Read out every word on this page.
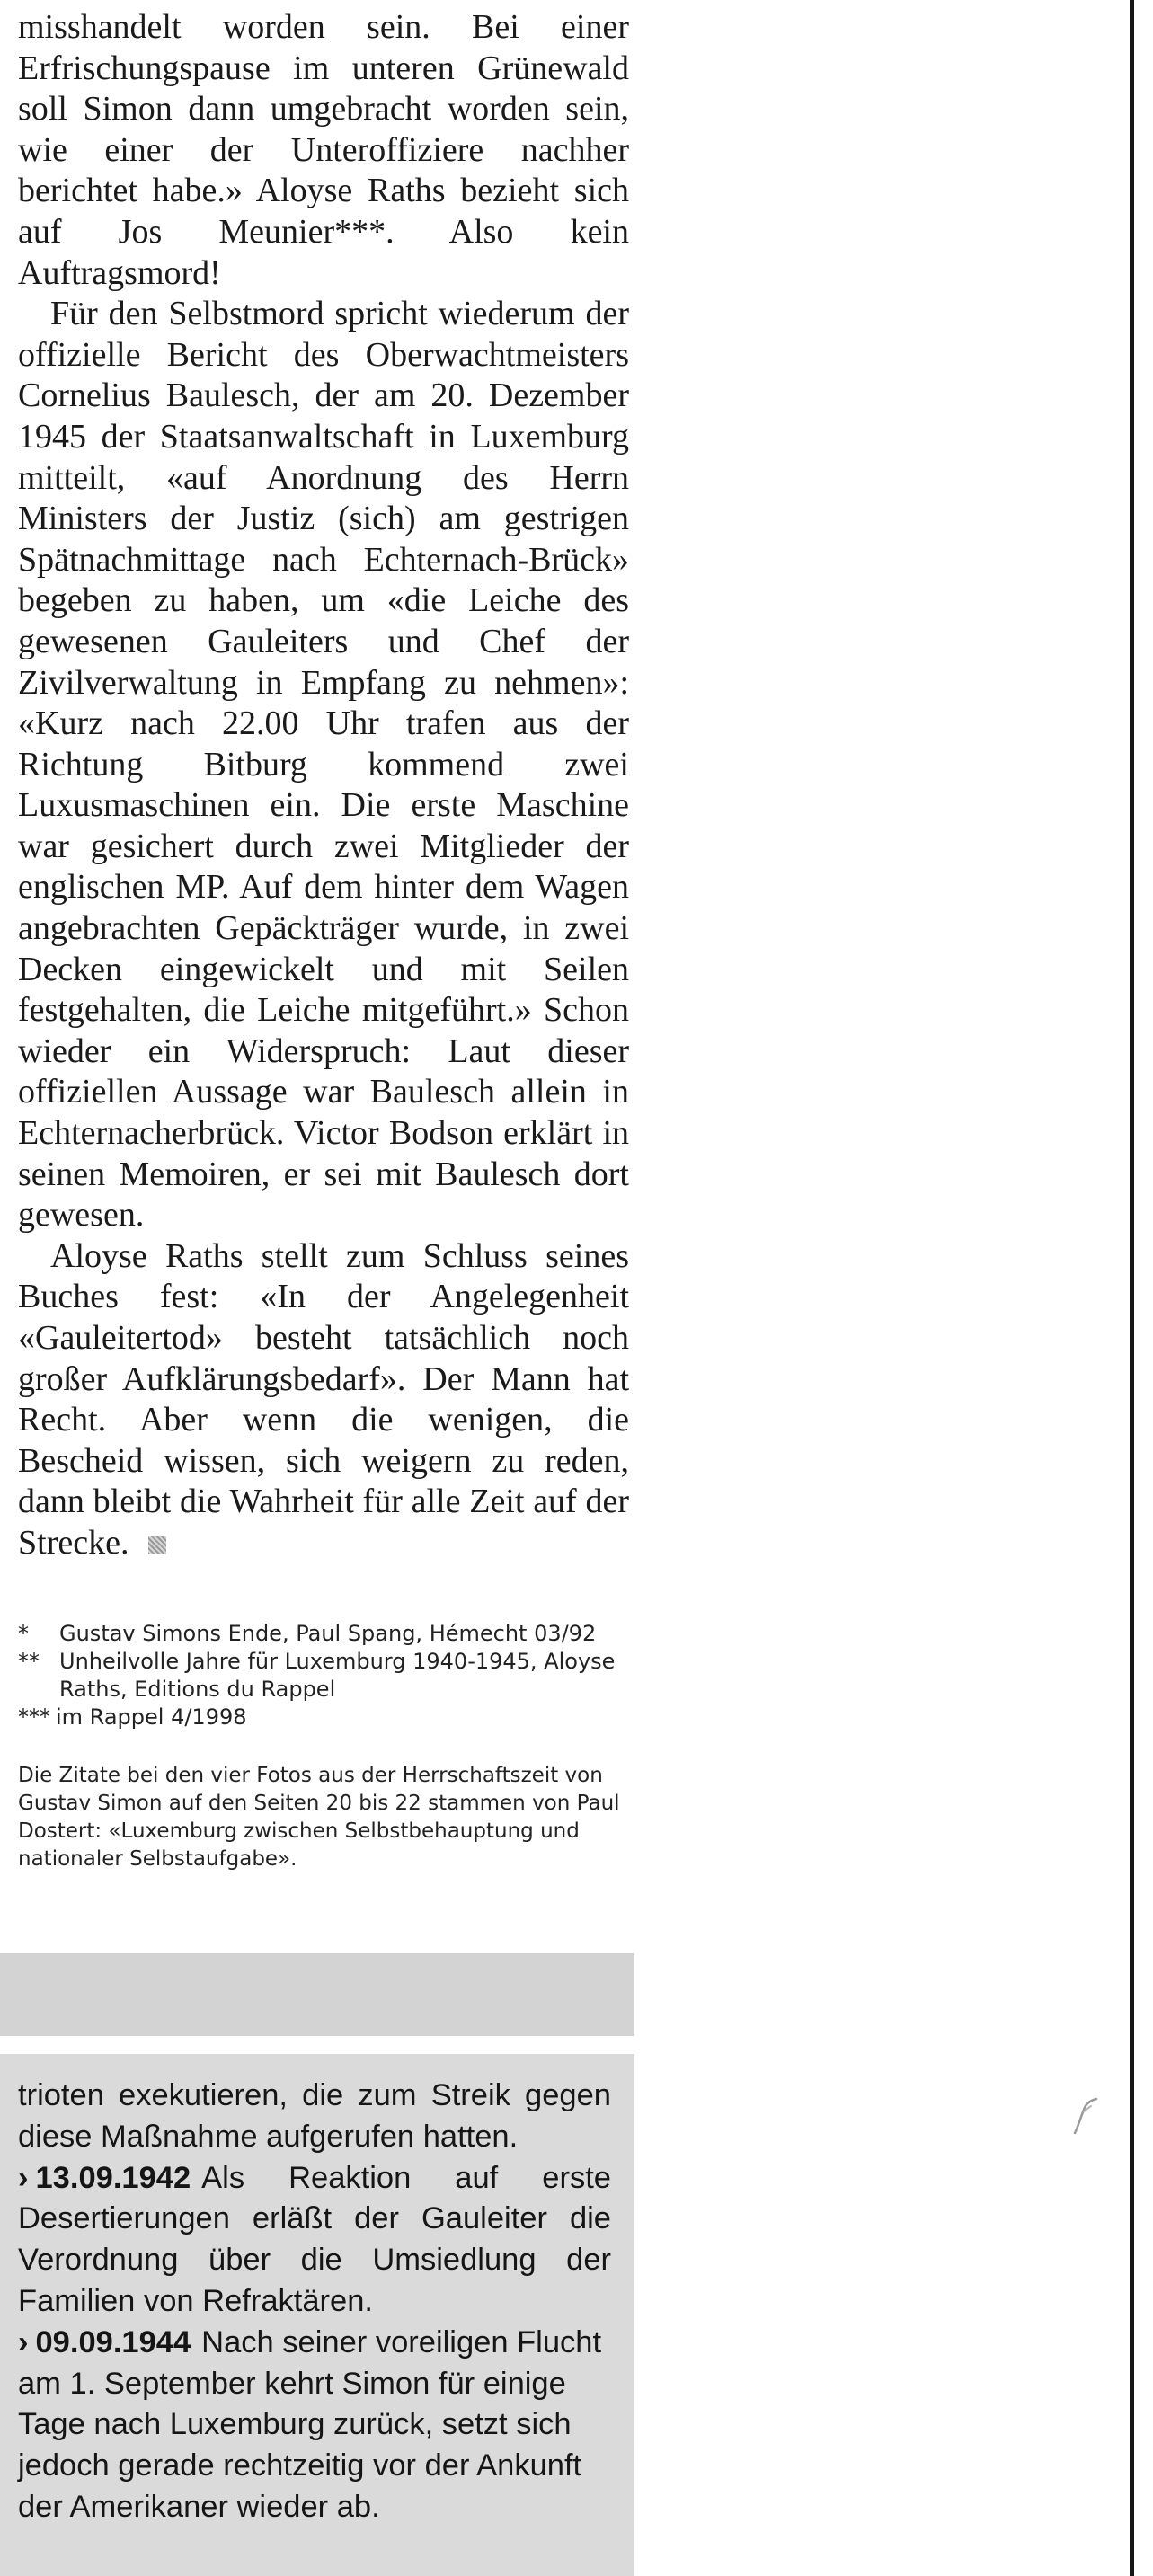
misshandelt worden sein. Bei einer Erfrischungspause im unteren Grünewald soll Simon dann umgebracht worden sein, wie einer der Unteroffiziere nachher berichtet habe.» Aloyse Raths bezieht sich auf Jos Meunier***. Also kein Auftragsmord!

Für den Selbstmord spricht wiederum der offizielle Bericht des Oberwachtmeisters Cornelius Baulesch, der am 20. Dezember 1945 der Staatsanwaltschaft in Luxemburg mitteilt, «auf Anordnung des Herrn Ministers der Justiz (sich) am gestrigen Spätnachmittage nach Echternach-Brück» begeben zu haben, um «die Leiche des gewesenen Gauleiters und Chef der Zivilverwaltung in Empfang zu nehmen»: «Kurz nach 22.00 Uhr trafen aus der Richtung Bitburg kommend zwei Luxusmaschinen ein. Die erste Maschine war gesichert durch zwei Mitglieder der englischen MP. Auf dem hinter dem Wagen angebrachten Gepäckträger wurde, in zwei Decken eingewickelt und mit Seilen festgehalten, die Leiche mitgeführt.» Schon wieder ein Widerspruch: Laut dieser offiziellen Aussage war Baulesch allein in Echternacherbrück. Victor Bodson erklärt in seinen Memoiren, er sei mit Baulesch dort gewesen.

Aloyse Raths stellt zum Schluss seines Buches fest: «In der Angelegenheit «Gauleitertod» besteht tatsächlich noch großer Aufklärungsbedarf». Der Mann hat Recht. Aber wenn die wenigen, die Bescheid wissen, sich weigern zu reden, dann bleibt die Wahrheit für alle Zeit auf der Strecke.

*	Gustav Simons Ende, Paul Spang, Hémecht 03/92
** Unheilvolle Jahre für Luxemburg 1940-1945, Aloyse Raths, Editions du Rappel
*** im Rappel 4/1998

Die Zitate bei den vier Fotos aus der Herrschaftszeit von Gustav Simon auf den Seiten 20 bis 22 stammen von Paul Dostert: «Luxemburg zwischen Selbstbehauptung und nationaler Selbstaufgabe».

trioten exekutieren, die zum Streik gegen diese Maßnahme aufgerufen hatten.

› 13.09.1942 Als Reaktion auf erste Desertierungen erläßt der Gauleiter die Verordnung über die Umsiedlung der Familien von Refraktären.

› 09.09.1944 Nach seiner voreiligen Flucht am 1. September kehrt Simon für einige Tage nach Luxemburg zurück, setzt sich jedoch gerade rechtzeitig vor der Ankunft der Amerikaner wieder ab.
